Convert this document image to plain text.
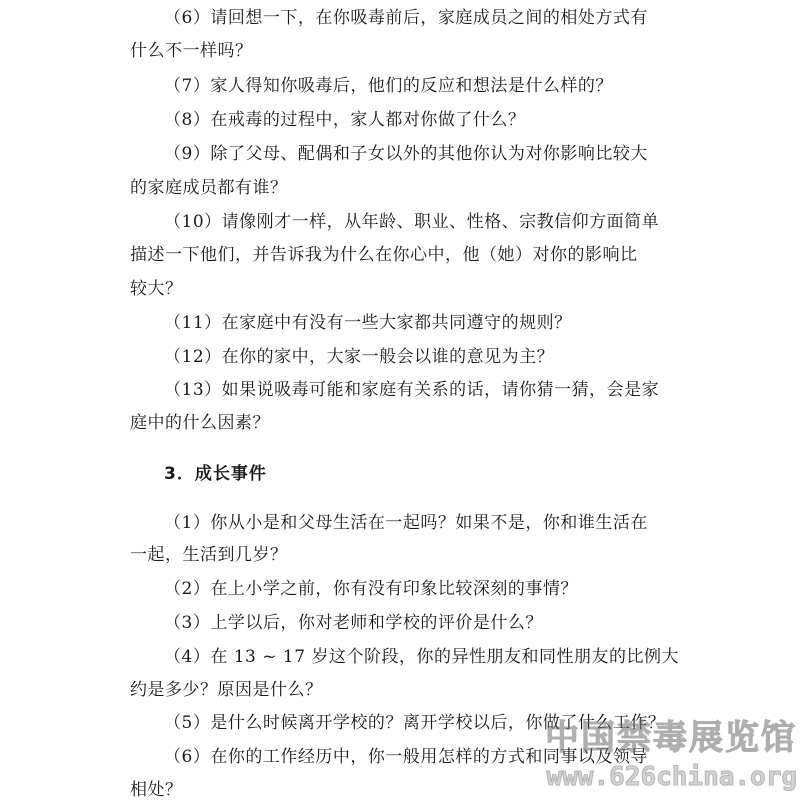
（6）请回想一下，在你吸毒前后，家庭成员之间的相处方式有
什么不一样吗？
（7）家人得知你吸毒后，他们的反应和想法是什么样的？
（8）在戒毒的过程中，家人都对你做了什么？
（9）除了父母、配偶和子女以外的其他你认为对你影响比较大
的家庭成员都有谁？
（10）请像刚才一样，从年龄、职业、性格、宗教信仰方面简单
描述一下他们，并告诉我为什么在你心中，他（她）对你的影响比
较大？
（11）在家庭中有没有一些大家都共同遵守的规则？
（12）在你的家中，大家一般会以谁的意见为主？
（13）如果说吸毒可能和家庭有关系的话，请你猜一猜，会是家
庭中的什么因素？
3．成长事件
（1）你从小是和父母生活在一起吗？如果不是，你和谁生活在
一起，生活到几岁？
（2）在上小学之前，你有没有印象比较深刻的事情？
（3）上学以后，你对老师和学校的评价是什么？
（4）在 13 ~ 17 岁这个阶段，你的异性朋友和同性朋友的比例大
约是多少？原因是什么？
（5）是什么时候离开学校的？离开学校以后，你做了什么工作？
（6）在你的工作经历中，你一般用怎样的方式和同事以及领导
相处？
中国禁毒展览馆
www.626china.org
